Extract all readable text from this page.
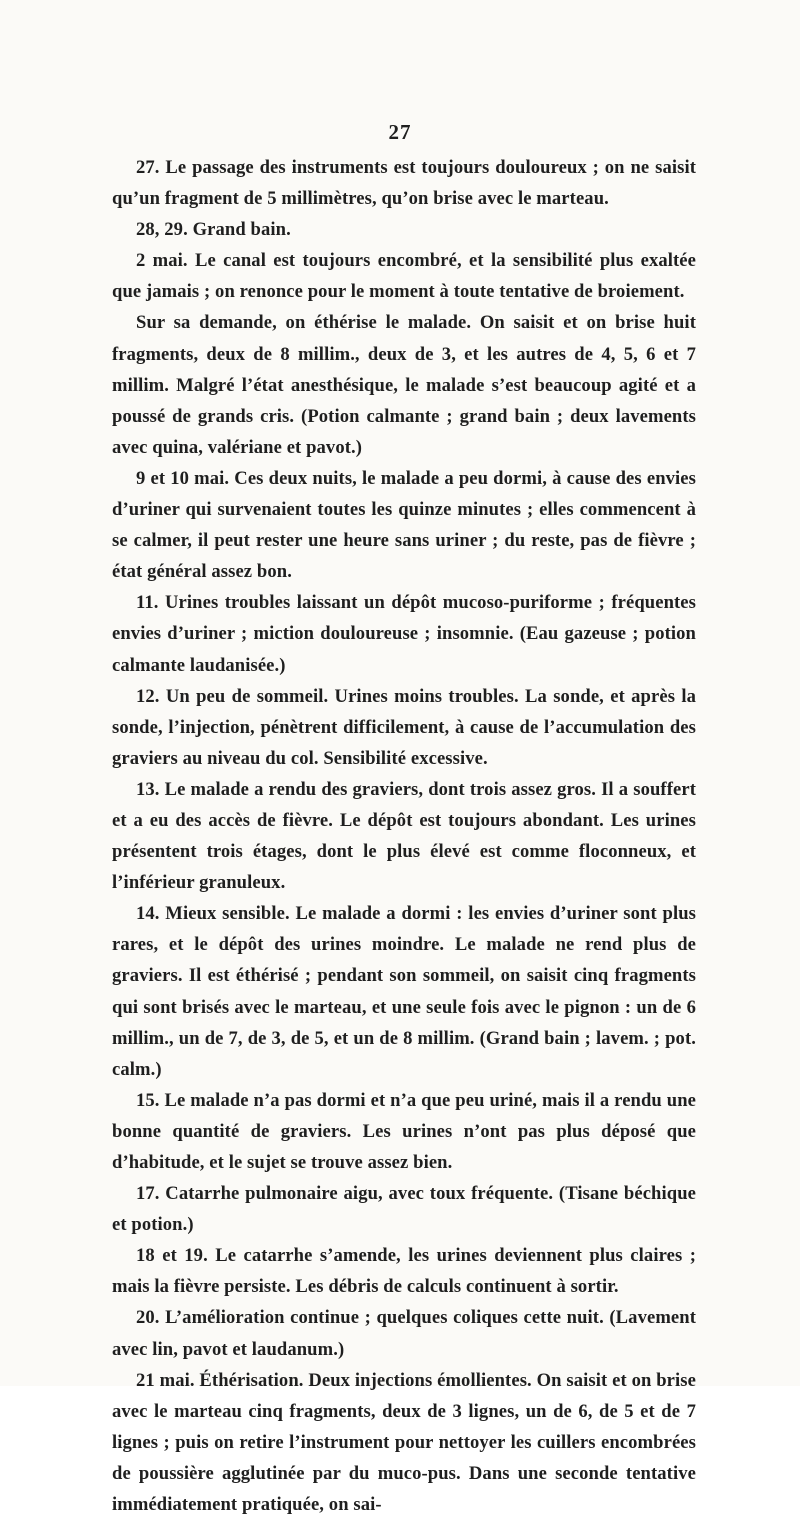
27

27. Le passage des instruments est toujours douloureux ; on ne saisit qu’un fragment de 5 millimètres, qu’on brise avec le marteau.

28, 29. Grand bain.

2 mai. Le canal est toujours encombré, et la sensibilité plus exaltée que jamais ; on renonce pour le moment à toute tentative de broiement.

Sur sa demande, on éthérise le malade. On saisit et on brise huit fragments, deux de 8 millim., deux de 3, et les autres de 4, 5, 6 et 7 millim. Malgré l’état anesthésique, le malade s’est beaucoup agité et a poussé de grands cris. (Potion calmante ; grand bain ; deux lavements avec quina, valériane et pavot.)

9 et 10 mai. Ces deux nuits, le malade a peu dormi, à cause des envies d’uriner qui survenaient toutes les quinze minutes ; elles commencent à se calmer, il peut rester une heure sans uriner ; du reste, pas de fièvre ; état général assez bon.

11. Urines troubles laissant un dépôt mucoso-puriforme ; fréquentes envies d’uriner ; miction douloureuse ; insomnie. (Eau gazeuse ; potion calmante laudanisée.)

12. Un peu de sommeil. Urines moins troubles. La sonde, et après la sonde, l’injection, pénètrent difficilement, à cause de l’accumulation des graviers au niveau du col. Sensibilité excessive.

13. Le malade a rendu des graviers, dont trois assez gros. Il a souffert et a eu des accès de fièvre. Le dépôt est toujours abondant. Les urines présentent trois étages, dont le plus élevé est comme floconneux, et l’inférieur granuleux.

14. Mieux sensible. Le malade a dormi : les envies d’uriner sont plus rares, et le dépôt des urines moindre. Le malade ne rend plus de graviers. Il est éthérisé ; pendant son sommeil, on saisit cinq fragments qui sont brisés avec le marteau, et une seule fois avec le pignon : un de 6 millim., un de 7, de 3, de 5, et un de 8 millim. (Grand bain ; lavem. ; pot. calm.)

15. Le malade n’a pas dormi et n’a que peu uriné, mais il a rendu une bonne quantité de graviers. Les urines n’ont pas plus déposé que d’habitude, et le sujet se trouve assez bien.

17. Catarrhe pulmonaire aigu, avec toux fréquente. (Tisane béchique et potion.)

18 et 19. Le catarrhe s’amende, les urines deviennent plus claires ; mais la fièvre persiste. Les débris de calculs continuent à sortir.

20. L’amélioration continue ; quelques coliques cette nuit. (Lavement avec lin, pavot et laudanum.)

21 mai. Éthérisation. Deux injections émollientes. On saisit et on brise avec le marteau cinq fragments, deux de 3 lignes, un de 6, de 5 et de 7 lignes ; puis on retire l’instrument pour nettoyer les cuillers encombrées de poussière agglutinée par du muco-pus. Dans une seconde tentative immédiatement pratiquée, on sai-
